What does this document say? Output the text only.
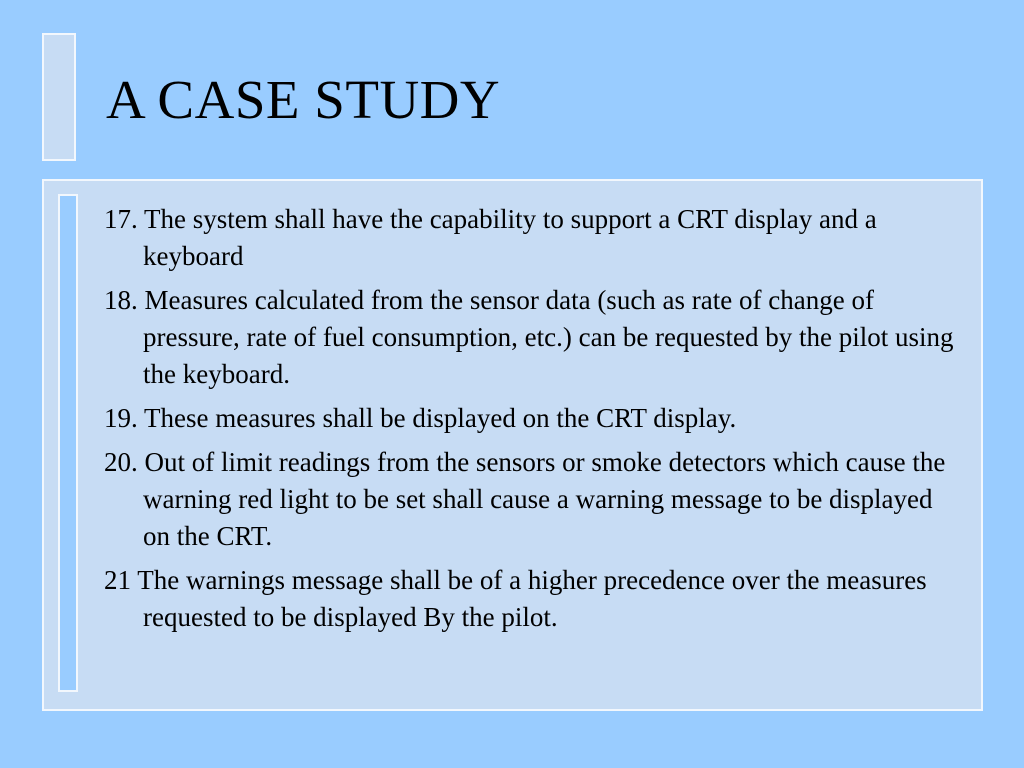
A CASE STUDY
17. The system shall have the capability to support a CRT display and a keyboard
18. Measures calculated from the sensor data (such as rate of change of pressure, rate of fuel consumption, etc.) can be requested by the pilot using the keyboard.
19. These measures shall be displayed on the CRT display.
20. Out of limit readings from the sensors or smoke detectors which cause the warning red light to be set shall cause a warning message to be displayed on the CRT.
21 The warnings message shall be of a higher precedence over the measures requested to be displayed By the pilot.
